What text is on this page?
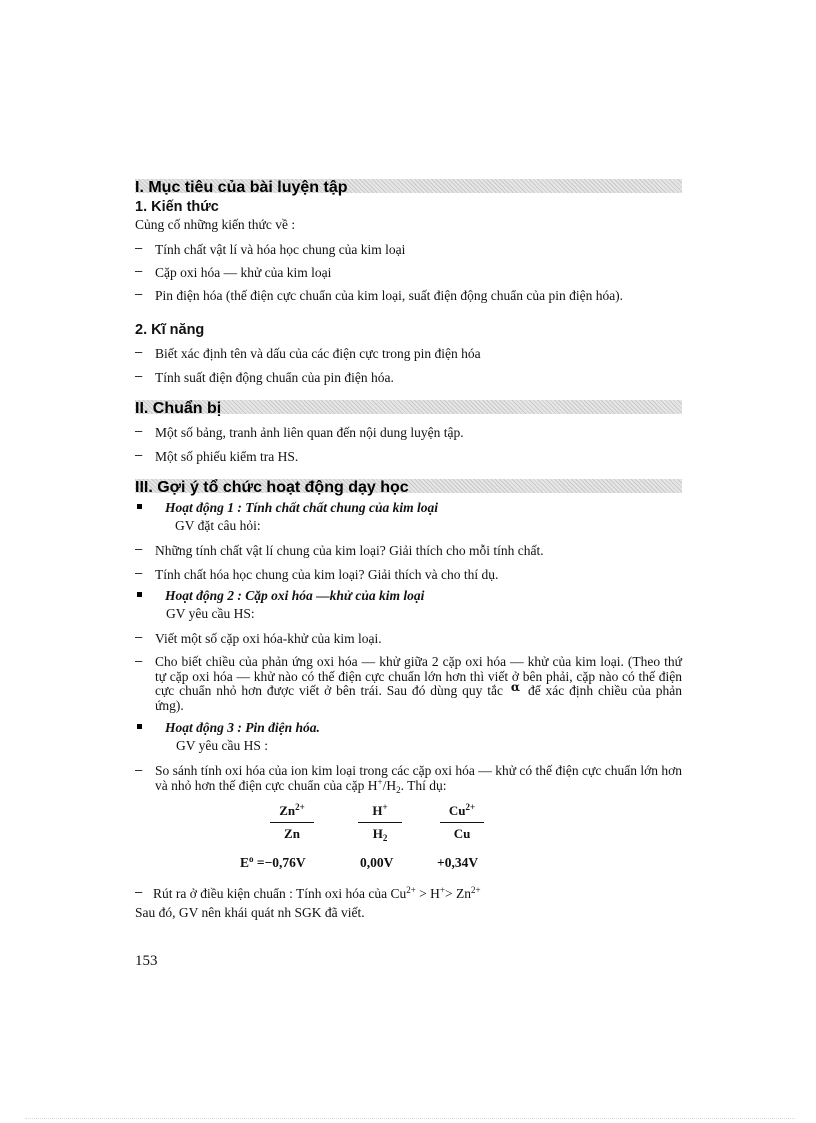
I. Mục tiêu của bài luyện tập
1. Kiến thức
Củng cố những kiến thức về :
– Tính chất vật lí và hóa học chung của kim loại
– Cặp oxi hóa — khử của kim loại
– Pin điện hóa (thế điện cực chuẩn của kim loại, suất điện động chuẩn của pin điện hóa).
2. Kĩ năng
– Biết xác định tên và dấu của các điện cực trong pin điện hóa
– Tính suất điện động chuẩn của pin điện hóa.
II. Chuẩn bị
– Một số bảng, tranh ảnh liên quan đến nội dung luyện tập.
– Một số phiếu kiểm tra HS.
III. Gợi ý tổ chức hoạt động dạy học
Hoạt động 1 : Tính chất chất chung của kim loại
GV đặt câu hỏi:
– Những tính chất vật lí chung của kim loại? Giải thích cho mỗi tính chất.
– Tính chất hóa học chung của kim loại? Giải thích và cho thí dụ.
Hoạt động 2 : Cặp oxi hóa —khử của kim loại
GV yêu cầu HS:
– Viết một số cặp oxi hóa-khử của kim loại.
– Cho biết chiều của phản ứng oxi hóa — khử giữa 2 cặp oxi hóa — khử của kim loại. (Theo thứ tự cặp oxi hóa — khử nào có thế điện cực chuẩn lớn hơn thì viết ở bên phải, cặp nào có thế điện cực chuẩn nhỏ hơn được viết ở bên trái. Sau đó dùng quy tắc α để xác định chiều của phản ứng).
Hoạt động 3 : Pin điện hóa.
GV yêu cầu HS :
– So sánh tính oxi hóa của ion kim loại trong các cặp oxi hóa — khử có thế điện cực chuẩn lớn hơn và nhỏ hơn thế điện cực chuẩn của cặp $H^+/H_2$. Thí dụ:
$Zn^{2+}$
Zn
H+
$H_2$
$Cu^{2+}$
Cu
$E^o =-0,76V$	0,00V	+0,34V
– Rút ra ở điều kiện chuẩn : Tính oxi hóa của $Cu^{2+} > H^+> Zn^{2+}$
Sau đó, GV nên khái quát nh SGK đã viết.
153
